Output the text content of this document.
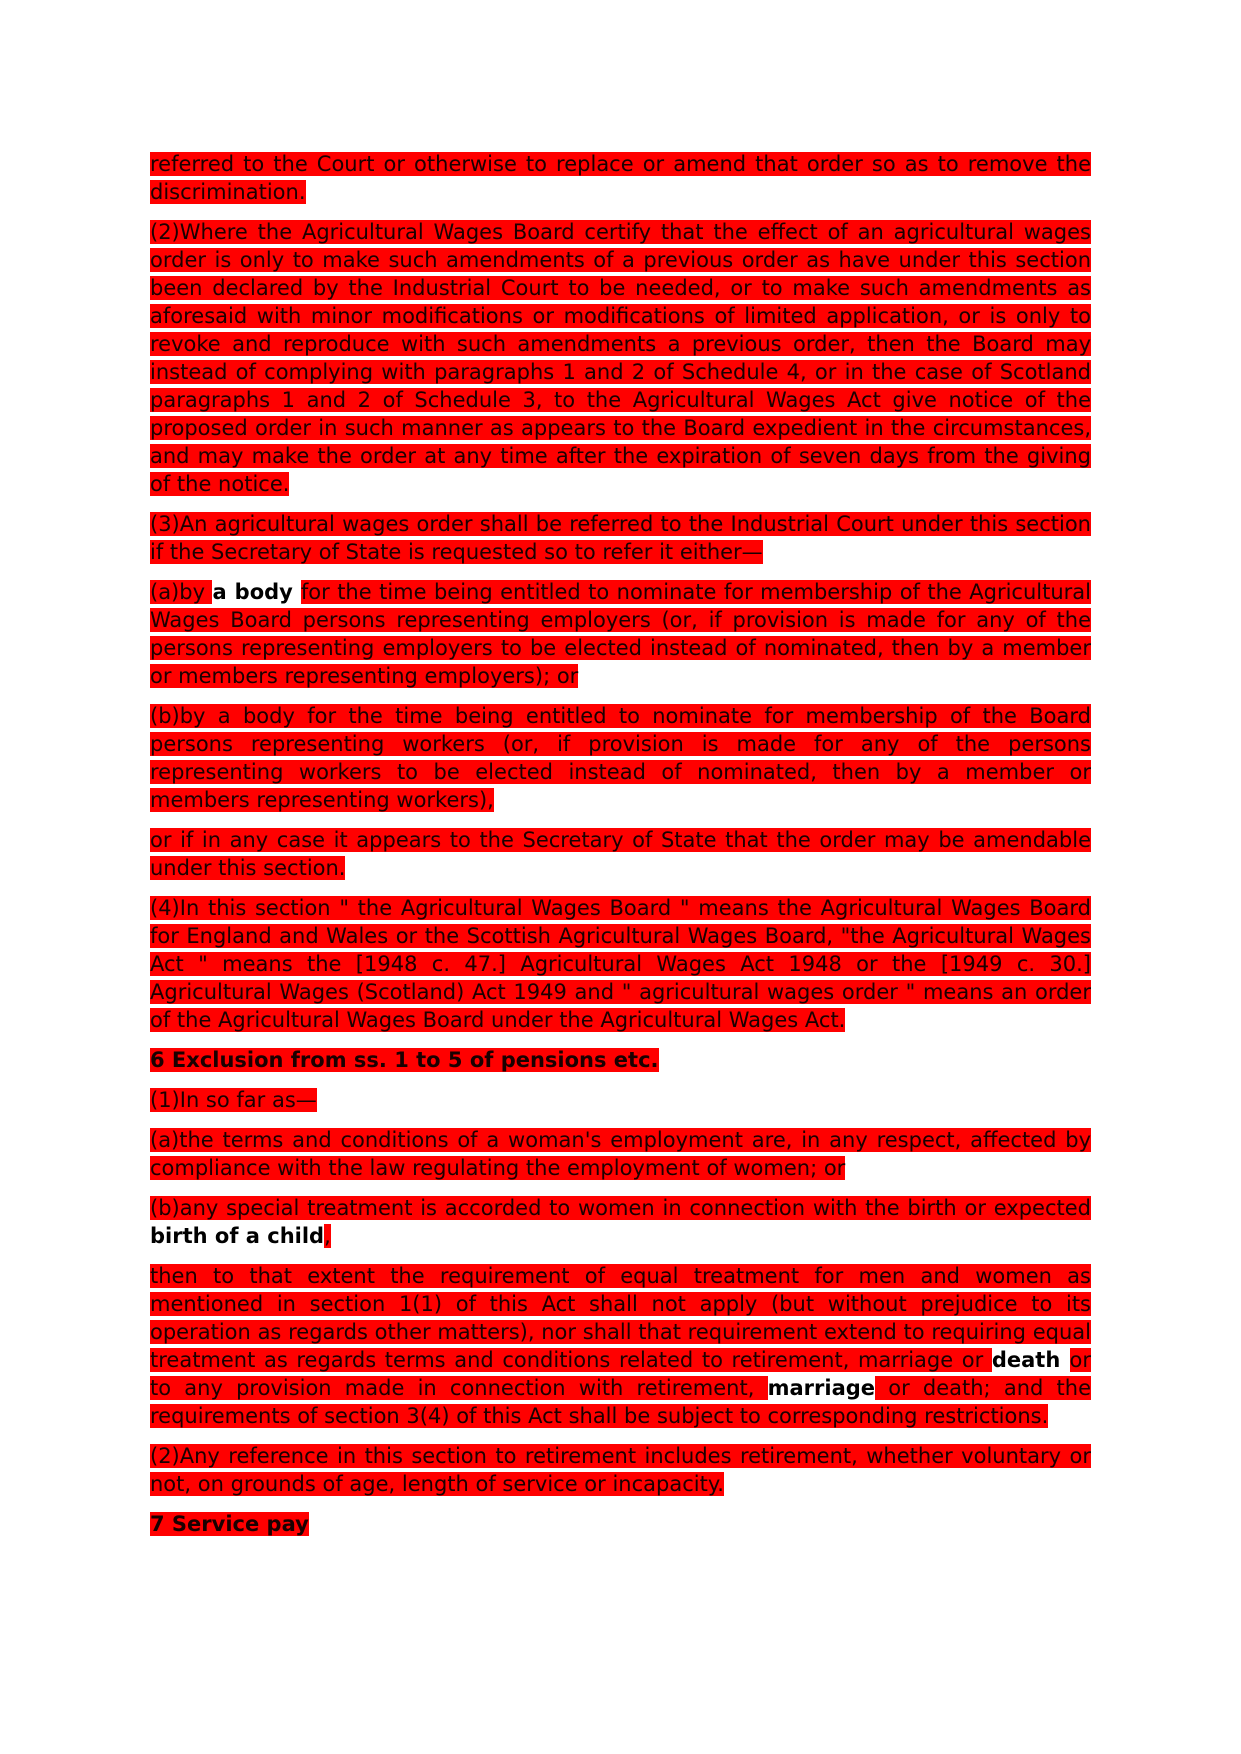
referred to the Court or otherwise to replace or amend that order so as to remove the discrimination.

(2)Where the Agricultural Wages Board certify that the effect of an agricultural wages order is only to make such amendments of a previous order as have under this section been declared by the Industrial Court to be needed, or to make such amendments as aforesaid with minor modifications or modifications of limited application, or is only to revoke and reproduce with such amendments a previous order, then the Board may instead of complying with paragraphs 1 and 2 of Schedule 4, or in the case of Scotland paragraphs 1 and 2 of Schedule 3, to the Agricultural Wages Act give notice of the proposed order in such manner as appears to the Board expedient in the circumstances, and may make the order at any time after the expiration of seven days from the giving of the notice.

(3)An agricultural wages order shall be referred to the Industrial Court under this section if the Secretary of State is requested so to refer it either—

(a)by a body for the time being entitled to nominate for membership of the Agricultural Wages Board persons representing employers (or, if provision is made for any of the persons representing employers to be elected instead of nominated, then by a member or members representing employers); or

(b)by a body for the time being entitled to nominate for membership of the Board persons representing workers (or, if provision is made for any of the persons representing workers to be elected instead of nominated, then by a member or members representing workers),

or if in any case it appears to the Secretary of State that the order may be amendable under this section.

(4)In this section " the Agricultural Wages Board " means the Agricultural Wages Board for England and Wales or the Scottish Agricultural Wages Board, "the Agricultural Wages Act " means the [1948 c. 47.] Agricultural Wages Act 1948 or the [1949 c. 30.] Agricultural Wages (Scotland) Act 1949 and " agricultural wages order " means an order of the Agricultural Wages Board under the Agricultural Wages Act.

6 Exclusion from ss. 1 to 5 of pensions etc.

(1)In so far as—

(a)the terms and conditions of a woman's employment are, in any respect, affected by compliance with the law regulating the employment of women; or

(b)any special treatment is accorded to women in connection with the birth or expected birth of a child,

then to that extent the requirement of equal treatment for men and women as mentioned in section 1(1) of this Act shall not apply (but without prejudice to its operation as regards other matters), nor shall that requirement extend to requiring equal treatment as regards terms and conditions related to retirement, marriage or death or to any provision made in connection with retirement, marriage or death; and the requirements of section 3(4) of this Act shall be subject to corresponding restrictions.

(2)Any reference in this section to retirement includes retirement, whether voluntary or not, on grounds of age, length of service or incapacity.

7 Service pay
